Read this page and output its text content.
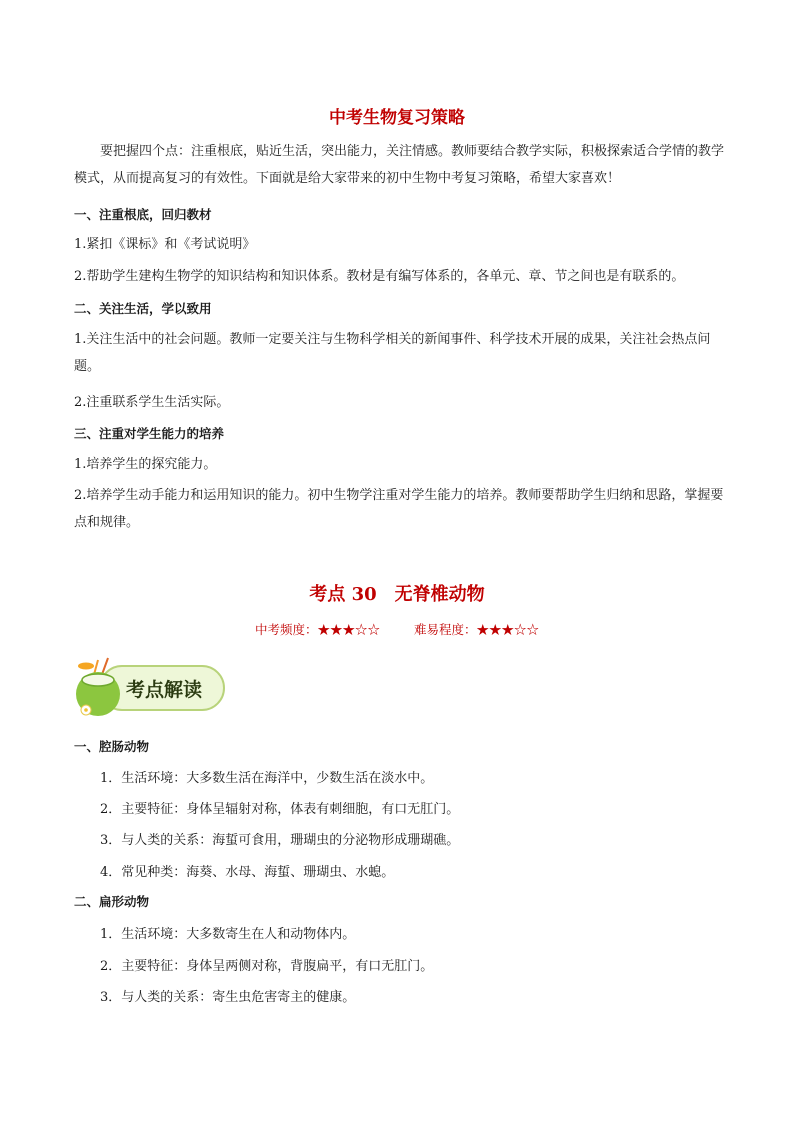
中考生物复习策略
要把握四个点：注重根底，贴近生活，突出能力，关注情感。教师要结合教学实际，积极探索适合学情的教学模式，从而提高复习的有效性。下面就是给大家带来的初中生物中考复习策略，希望大家喜欢！
一、注重根底，回归教材
1.紧扣《课标》和《考试说明》
2.帮助学生建构生物学的知识结构和知识体系。教材是有编写体系的，各单元、章、节之间也是有联系的。
二、关注生活，学以致用
1.关注生活中的社会问题。教师一定要关注与生物科学相关的新闻事件、科学技术开展的成果，关注社会热点问题。
2.注重联系学生生活实际。
三、注重对学生能力的培养
1.培养学生的探究能力。
2.培养学生动手能力和运用知识的能力。初中生物学注重对学生能力的培养。教师要帮助学生归纳和思路，掌握要点和规律。
考点 30 无脊椎动物
中考频度：★★★☆☆	难易程度：★★★☆☆
考点解读
一、腔肠动物
1．生活环境：大多数生活在海洋中，少数生活在淡水中。
2．主要特征：身体呈辐射对称，体表有刺细胞，有口无肛门。
3．与人类的关系：海蜇可食用，珊瑚虫的分泌物形成珊瑚礁。
4．常见种类：海葵、水母、海蜇、珊瑚虫、水螅。
二、扁形动物
1．生活环境：大多数寄生在人和动物体内。
2．主要特征：身体呈两侧对称，背腹扁平，有口无肛门。
3．与人类的关系：寄生虫危害寄主的健康。
